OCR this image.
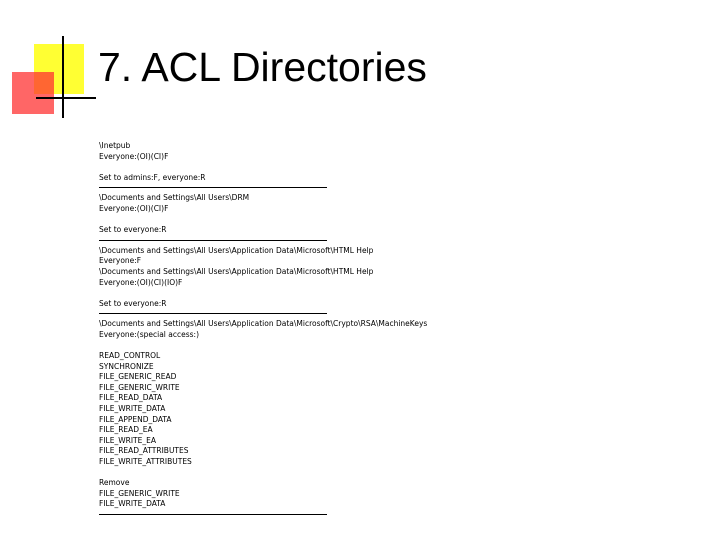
7. ACL Directories
\Inetpub
Everyone:(OI)(CI)F
Set to admins:F, everyone:R
\Documents and Settings\All Users\DRM
Everyone:(OI)(CI)F
Set to everyone:R
\Documents and Settings\All Users\Application Data\Microsoft\HTML Help
Everyone:F
\Documents and Settings\All Users\Application Data\Microsoft\HTML Help
Everyone:(OI)(CI)(IO)F
Set to everyone:R
\Documents and Settings\All Users\Application Data\Microsoft\Crypto\RSA\MachineKeys
Everyone:(special access:)
READ_CONTROL
SYNCHRONIZE
FILE_GENERIC_READ
FILE_GENERIC_WRITE
FILE_READ_DATA
FILE_WRITE_DATA
FILE_APPEND_DATA
FILE_READ_EA
FILE_WRITE_EA
FILE_READ_ATTRIBUTES
FILE_WRITE_ATTRIBUTES
Remove
FILE_GENERIC_WRITE
FILE_WRITE_DATA
